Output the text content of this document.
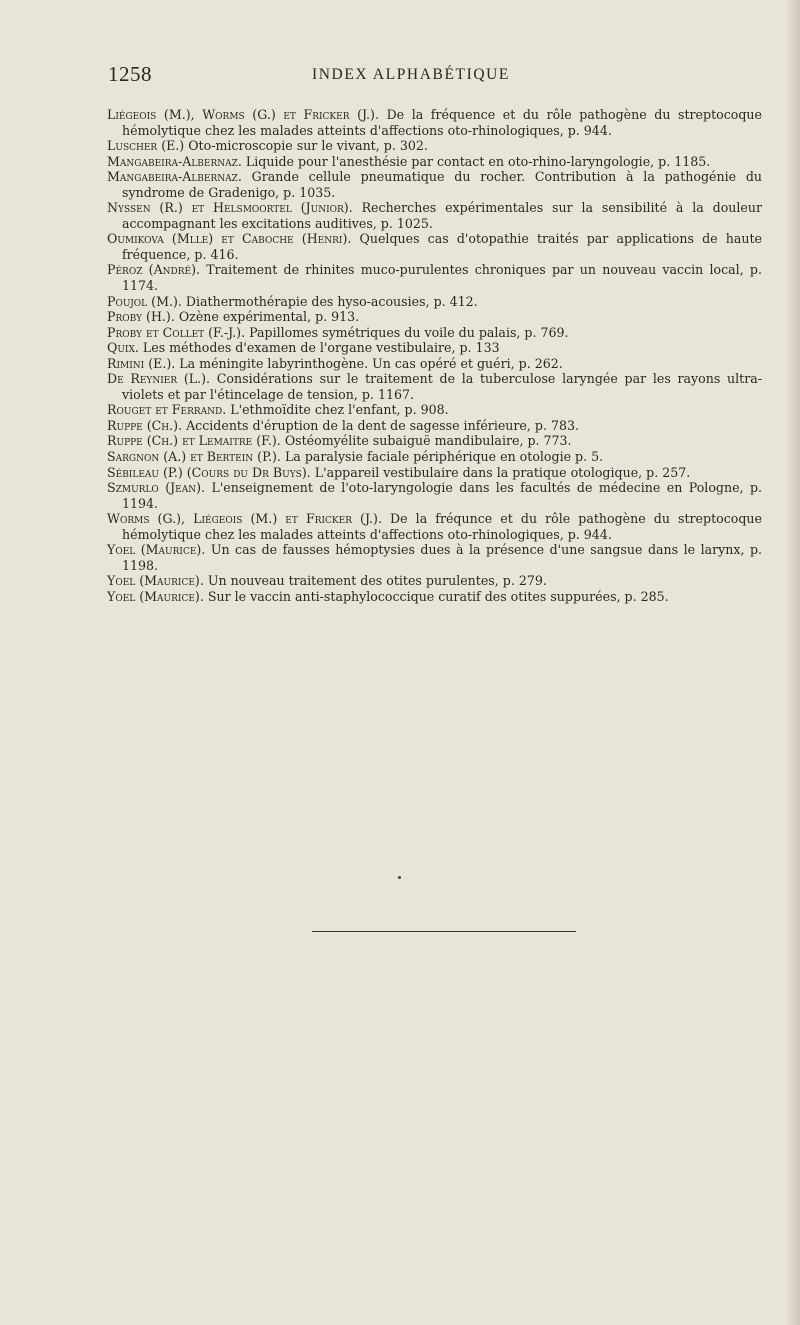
1258	INDEX ALPHABÉTIQUE

Liégeois (M.), Worms (G.) et Fricker (J.). De la fréquence et du rôle pathogène du streptocoque hémolytique chez les malades atteints d'affections oto-rhinologiques, p. 944.

Luscher (E.) Oto-microscopie sur le vivant, p. 302.

Mangabeira-Albernaz. Liquide pour l'anesthésie par contact en oto-rhino-laryngologie, p. 1185.

Mangabeira-Albernaz. Grande cellule pneumatique du rocher. Contribution à la pathogénie du syndrome de Gradenigo, p. 1035.

Nyssen (R.) et Helsmoortel (Junior). Recherches expérimentales sur la sensibilité à la douleur accompagnant les excitations auditives, p. 1025.

Oumikova (Mlle) et Caboche (Henri). Quelques cas d'otopathie traités par applications de haute fréquence, p. 416.

Péroz (André). Traitement de rhinites muco-purulentes chroniques par un nouveau vaccin local, p. 1174.

Poujol (M.). Diathermothérapie des hyso-acousies, p. 412.

Proby (H.). Ozène expérimental, p. 913.

Proby et Collet (F.-J.). Papillomes symétriques du voile du palais, p. 769.

Quix. Les méthodes d'examen de l'organe vestibulaire, p. 133

Rimini (E.). La méningite labyrinthogène. Un cas opéré et guéri, p. 262.

De Reynier (L.). Considérations sur le traitement de la tuberculose laryngée par les rayons ultra-violets et par l'étincelage de tension, p. 1167.

Rouget et Ferrand. L'ethmoïdite chez l'enfant, p. 908.

Ruppe (Ch.). Accidents d'éruption de la dent de sagesse inférieure, p. 783.

Ruppe (Ch.) et Lemaitre (F.). Ostéomyélite subaiguë mandibulaire, p. 773.

Sargnon (A.) et Bertein (P.). La paralysie faciale périphérique en otologie p. 5.

Sébileau (P.) (Cours du Dr Buys). L'appareil vestibulaire dans la pratique otologique, p. 257.

Szmurlo (Jean). L'enseignement de l'oto-laryngologie dans les facultés de médecine en Pologne, p. 1194.

Worms (G.), Liégeois (M.) et Fricker (J.). De la fréqunce et du rôle pathogène du streptocoque hémolytique chez les malades atteints d'affections oto-rhinologiques, p. 944.

Yoel (Maurice). Un cas de fausses hémoptysies dues à la présence d'une sangsue dans le larynx, p. 1198.

Yoel (Maurice). Un nouveau traitement des otites purulentes, p. 279.

Yoel (Maurice). Sur le vaccin anti-staphylococcique curatif des otites suppurées, p. 285.
